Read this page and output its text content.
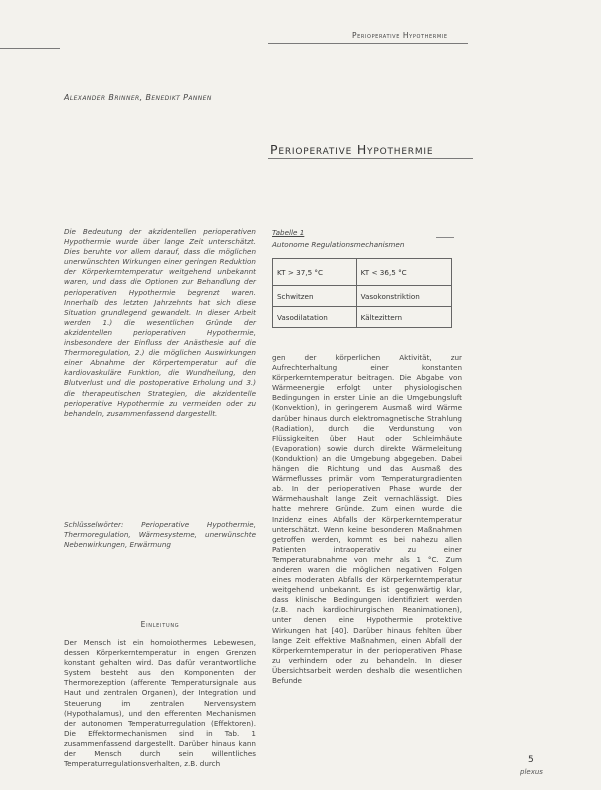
Perioperative Hypothermie
Alexander Brinner, Benedikt Pannen
Perioperative Hypothermie

Die Bedeutung der akzidentellen perioperativen Hypothermie wurde über lange Zeit unterschätzt. Dies beruhte vor allem darauf, dass die möglichen unerwünschten Wirkungen einer geringen Reduktion der Körperkerntemperatur weitgehend unbekannt waren, und dass die Optionen zur Behandlung der perioperativen Hypothermie begrenzt waren. Innerhalb des letzten Jahrzehnts hat sich diese Situation grundlegend gewandelt. In dieser Arbeit werden 1.) die wesentlichen Gründe der akzidentellen perioperativen Hypothermie, insbesondere der Einfluss der Anästhesie auf die Thermoregulation, 2.) die möglichen Auswirkungen einer Abnahme der Körpertemperatur auf die kardiovaskuläre Funktion, die Wundheilung, den Blutverlust und die postoperative Erholung und 3.) die therapeutischen Strategien, die akzidentelle perioperative Hypothermie zu vermeiden oder zu behandeln, zusammenfassend dargestellt.

Schlüsselwörter: Perioperative Hypothermie, Thermoregulation, Wärmesysteme, unerwünschte Nebenwirkungen, Erwärmung

Einleitung

Der Mensch ist ein homoiothermes Lebewesen, dessen Körperkerntemperatur in engen Grenzen konstant gehalten wird. Das dafür verantwortliche System besteht aus den Komponenten der Thermorezeption (afferente Temperatursignale aus Haut und zentralen Organen), der Integration und Steuerung im zentralen Nervensystem (Hypothalamus), und den efferenten Mechanismen der autonomen Temperaturregulation (Effektoren). Die Effektormechanismen sind in Tab. 1 zusammenfassend dargestellt. Darüber hinaus kann der Mensch durch sein willentliches Temperaturregulationsverhalten, z.B. durch

Tabelle 1
Autonome Regulationsmechanismen
KT > 37,5 °C	KT < 36,5 °C
Schwitzen	Vasokonstriktion
Vasodilatation	Kältezittern

gen der körperlichen Aktivität, zur Aufrechterhaltung einer konstanten Körperkerntemperatur beitragen. Die Abgabe von Wärmeenergie erfolgt unter physiologischen Bedingungen in erster Linie an die Umgebungsluft (Konvektion), in geringerem Ausmaß wird Wärme darüber hinaus durch elektromagnetische Strahlung (Radiation), durch die Verdunstung von Flüssigkeiten über Haut oder Schleimhäute (Evaporation) sowie durch direkte Wärmeleitung (Konduktion) an die Umgebung abgegeben. Dabei hängen die Richtung und das Ausmaß des Wärmeflusses primär vom Temperaturgradienten ab. In der perioperativen Phase wurde der Wärmehaushalt lange Zeit vernachlässigt. Dies hatte mehrere Gründe. Zum einen wurde die Inzidenz eines Abfalls der Körperkerntemperatur unterschätzt. Wenn keine besonderen Maßnahmen getroffen werden, kommt es bei nahezu allen Patienten intraoperativ zu einer Temperaturabnahme von mehr als 1 °C. Zum anderen waren die möglichen negativen Folgen eines moderaten Abfalls der Körperkerntemperatur weitgehend unbekannt. Es ist gegenwärtig klar, dass klinische Bedingungen identifiziert werden (z.B. nach kardiochirurgischen Reanimationen), unter denen eine Hypothermie protektive Wirkungen hat [40]. Darüber hinaus fehlten über lange Zeit effektive Maßnahmen, einen Abfall der Körperkerntemperatur in der perioperativen Phase zu verhindern oder zu behandeln. In dieser Übersichtsarbeit werden deshalb die wesentlichen Befunde

5
plexus
